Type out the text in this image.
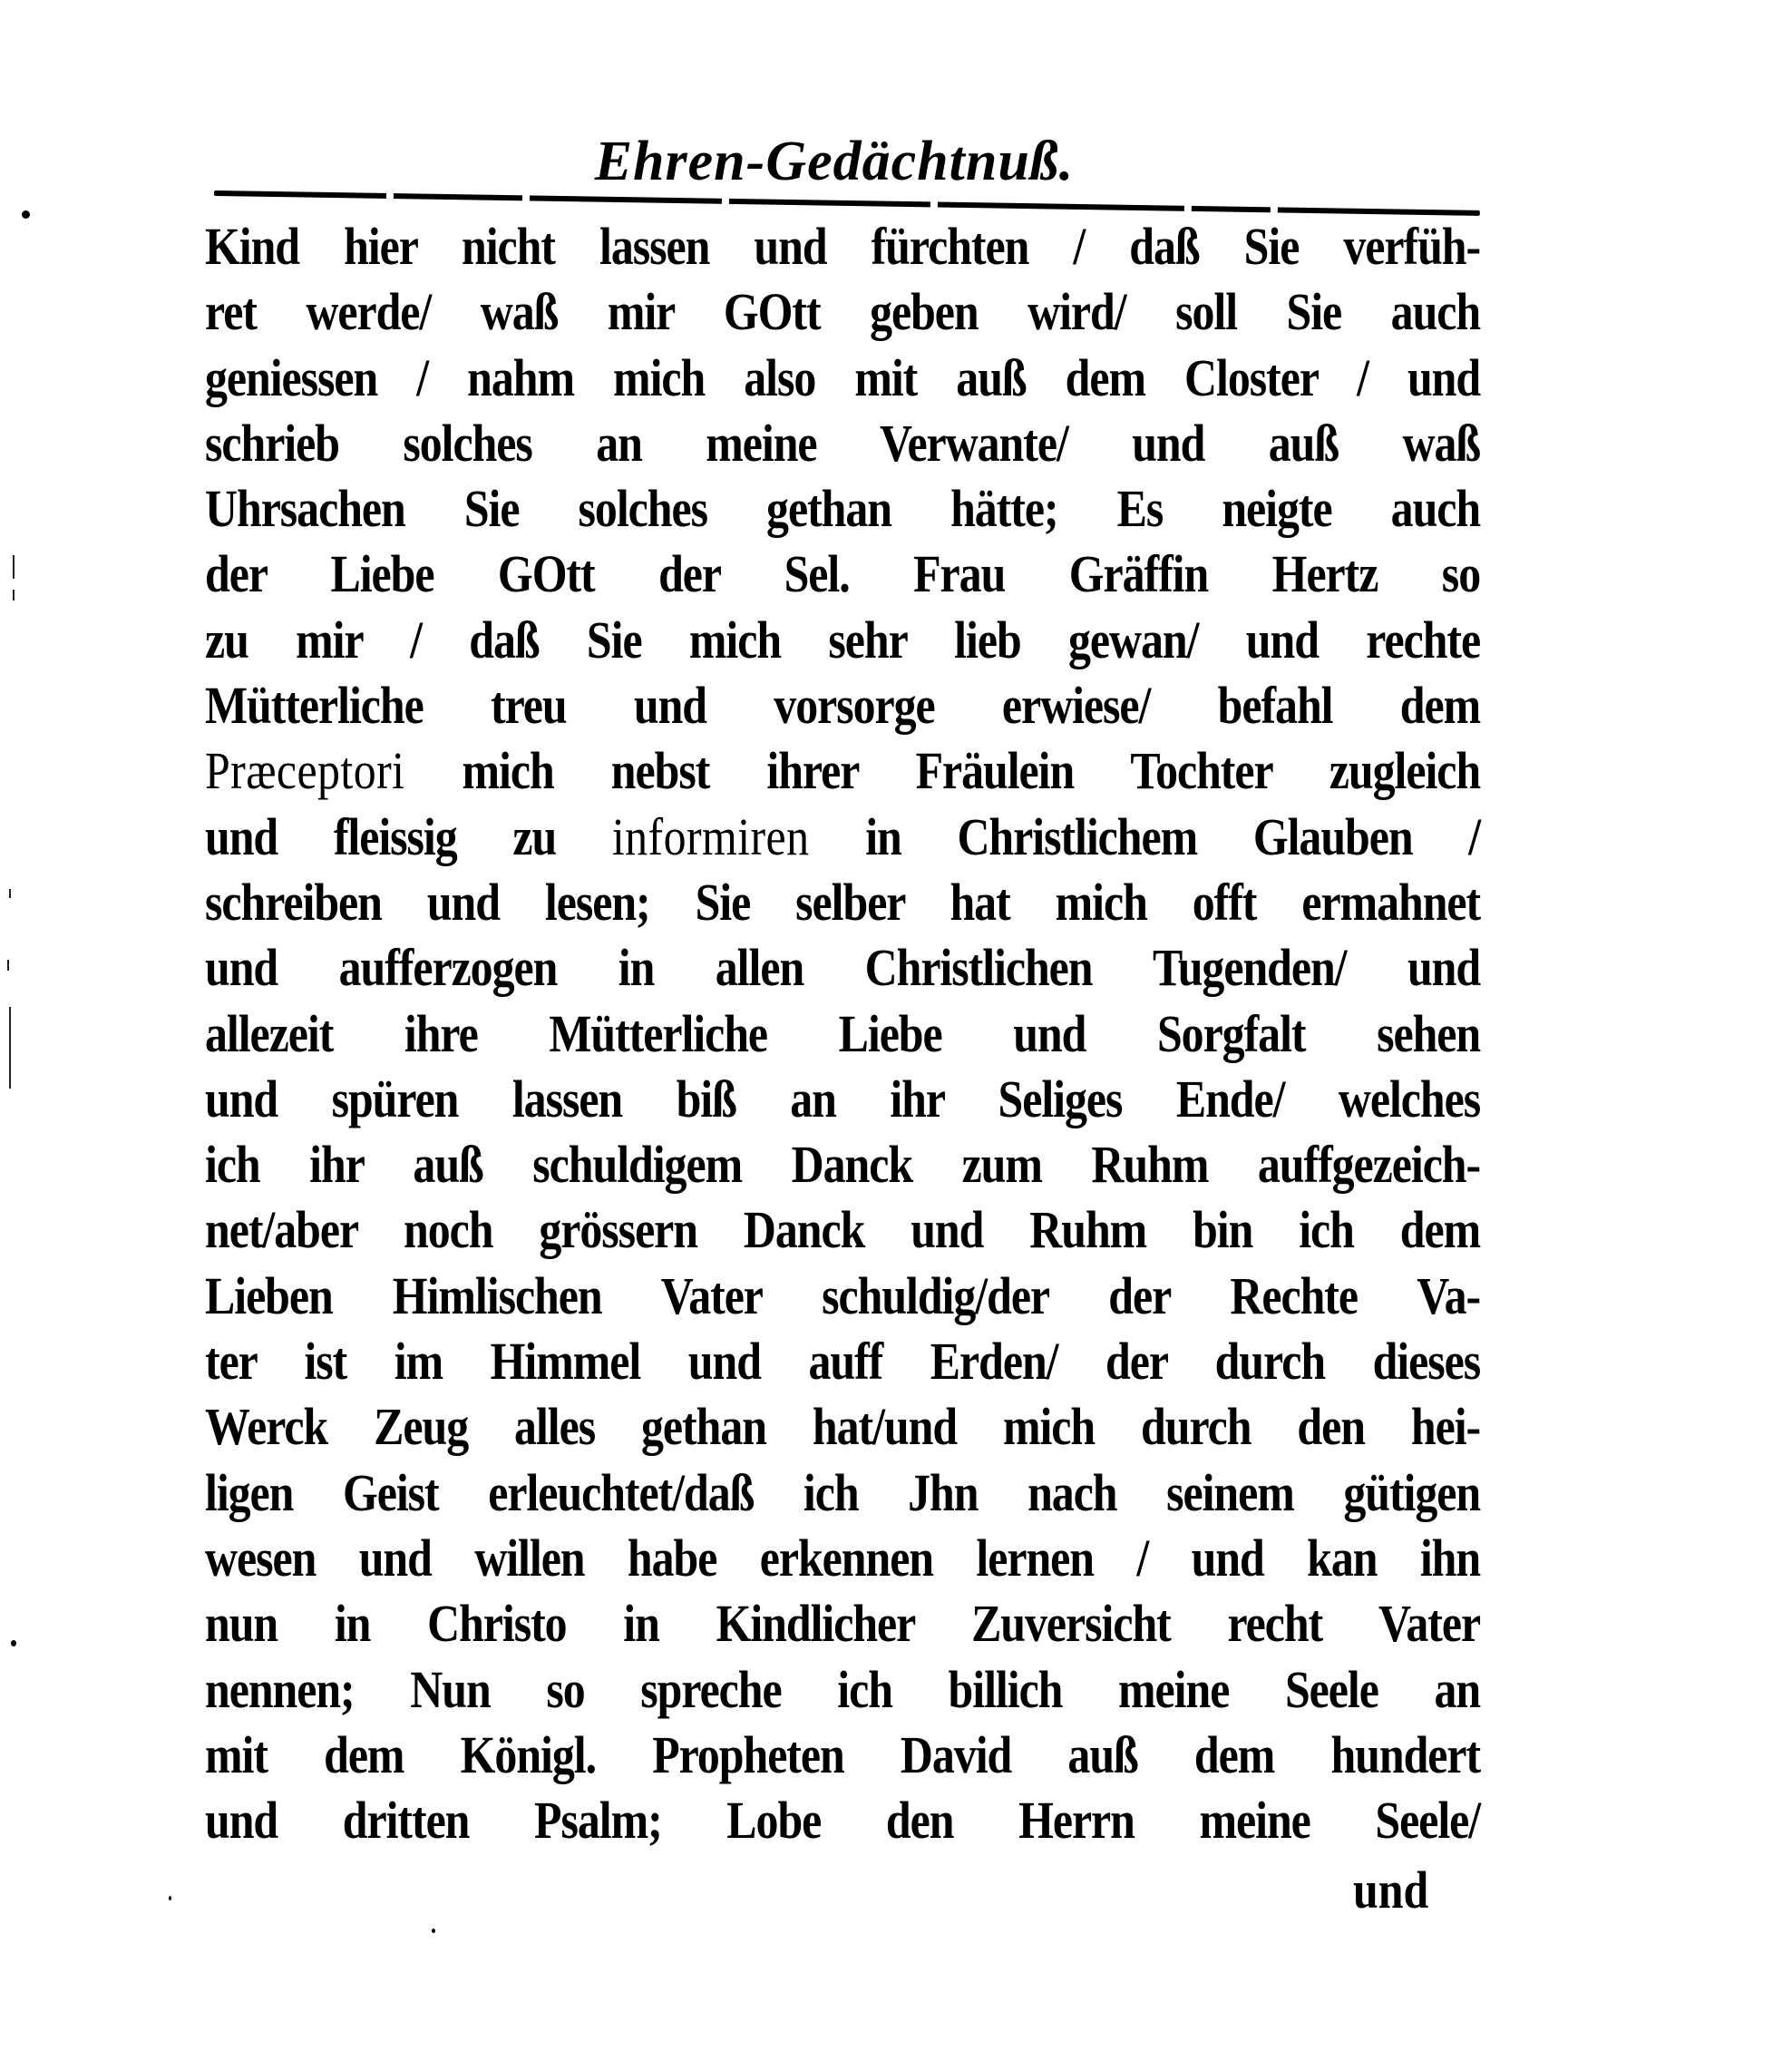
Ehren-Gedächtnuß.
Kind hier nicht lassen und fürchten / daß Sie verfüh-
ret werde/ waß mir GOtt geben wird/ soll Sie auch
geniessen / nahm mich also mit auß dem Closter / und
schrieb solches an meine Verwante/ und auß waß
Uhrsachen Sie solches gethan hätte; Es neigte auch
der Liebe GOtt der Sel. Frau Gräffin Hertz so
zu mir / daß Sie mich sehr lieb gewan/ und rechte
Mütterliche treu und vorsorge erwiese/ befahl dem
Præceptori mich nebst ihrer Fräulein Tochter zugleich
und fleissig zu informiren in Christlichem Glauben /
schreiben und lesen; Sie selber hat mich offt ermahnet
und aufferzogen in allen Christlichen Tugenden/ und
allezeit ihre Mütterliche Liebe und Sorgfalt sehen
und spüren lassen biß an ihr Seliges Ende/ welches
ich ihr auß schuldigem Danck zum Ruhm auffgezeich-
net/aber noch grössern Danck und Ruhm bin ich dem
Lieben Himlischen Vater schuldig/der der Rechte Va-
ter ist im Himmel und auff Erden/ der durch dieses
Werck Zeug alles gethan hat/und mich durch den hei-
ligen Geist erleuchtet/daß ich Jhn nach seinem gütigen
wesen und willen habe erkennen lernen / und kan ihn
nun in Christo in Kindlicher Zuversicht recht Vater
nennen; Nun so spreche ich billich meine Seele an
mit dem Königl. Propheten David auß dem hundert
und dritten Psalm; Lobe den Herrn meine Seele/
und
